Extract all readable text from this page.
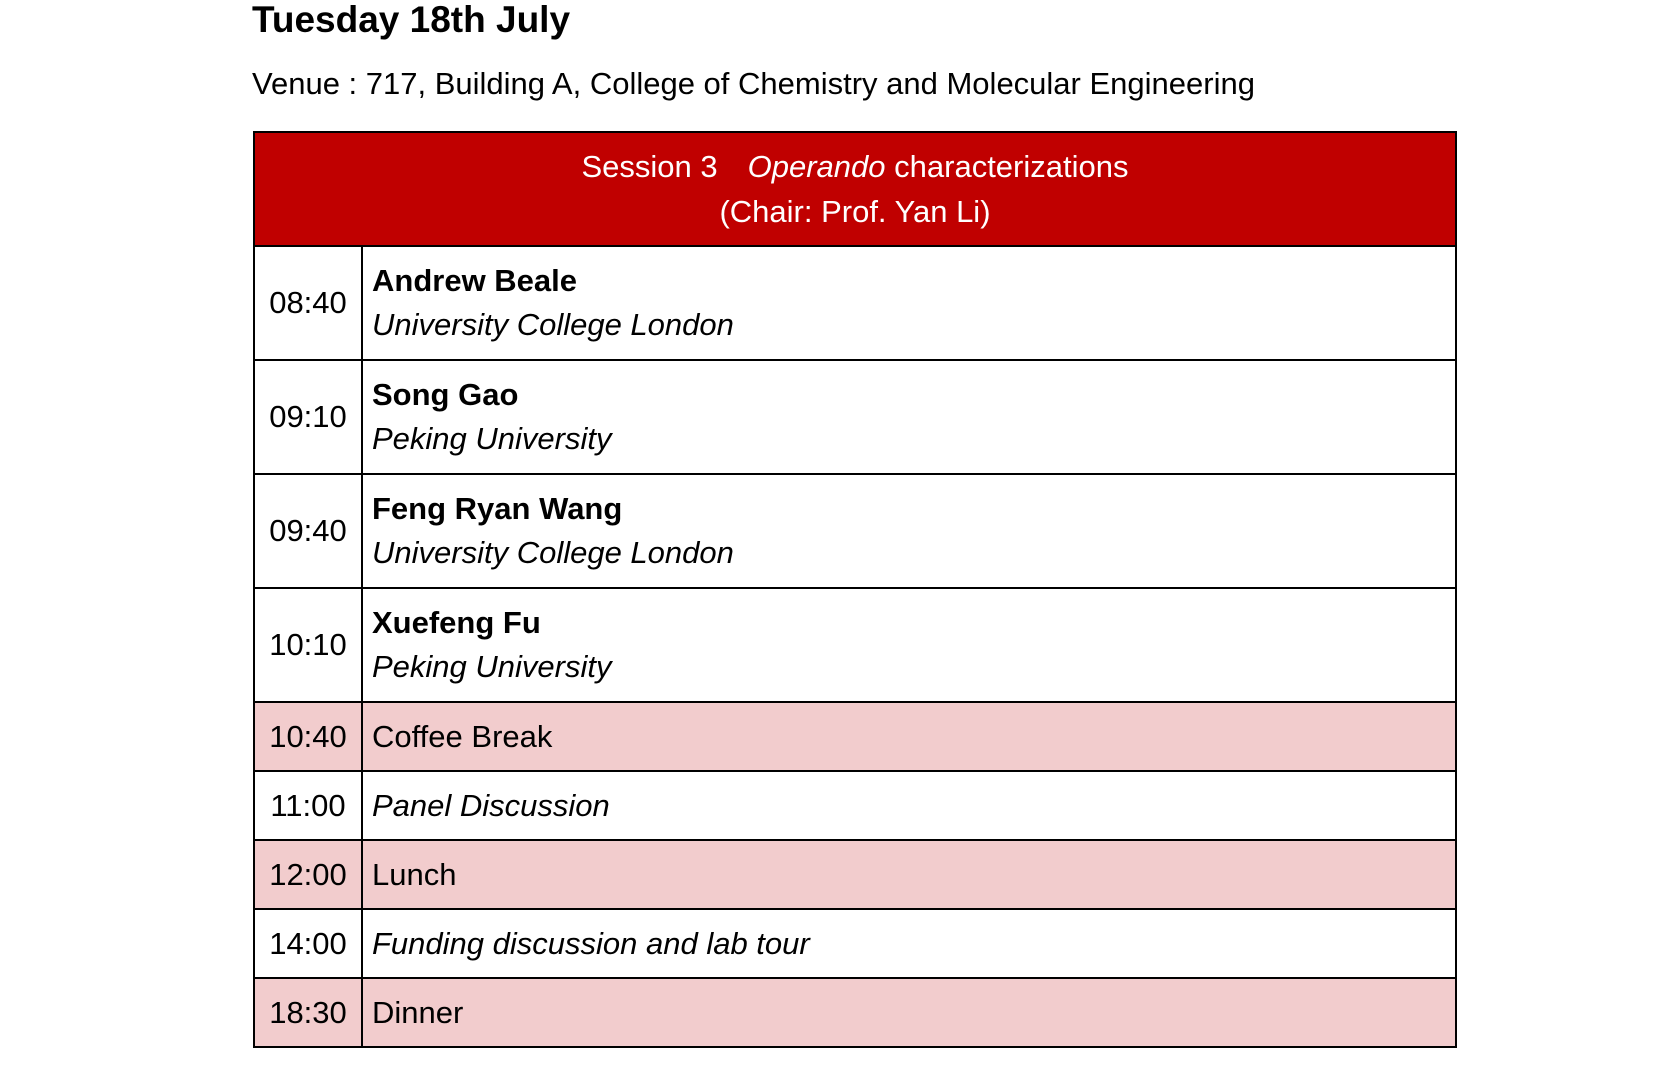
Tuesday 18th July

Venue : 717, Building A, College of Chemistry and Molecular Engineering

Session 3 Operando characterizations
(Chair: Prof. Yan Li)	

08:40	Andrew Beale
University College London

09:10	Song Gao
Peking University

09:40	Feng Ryan Wang
University College London

10:10	Xuefeng Fu
Peking University

10:40	Coffee Break
11:00	Panel Discussion
12:00	Lunch
14:00	Funding discussion and lab tour
18:30	Dinner
